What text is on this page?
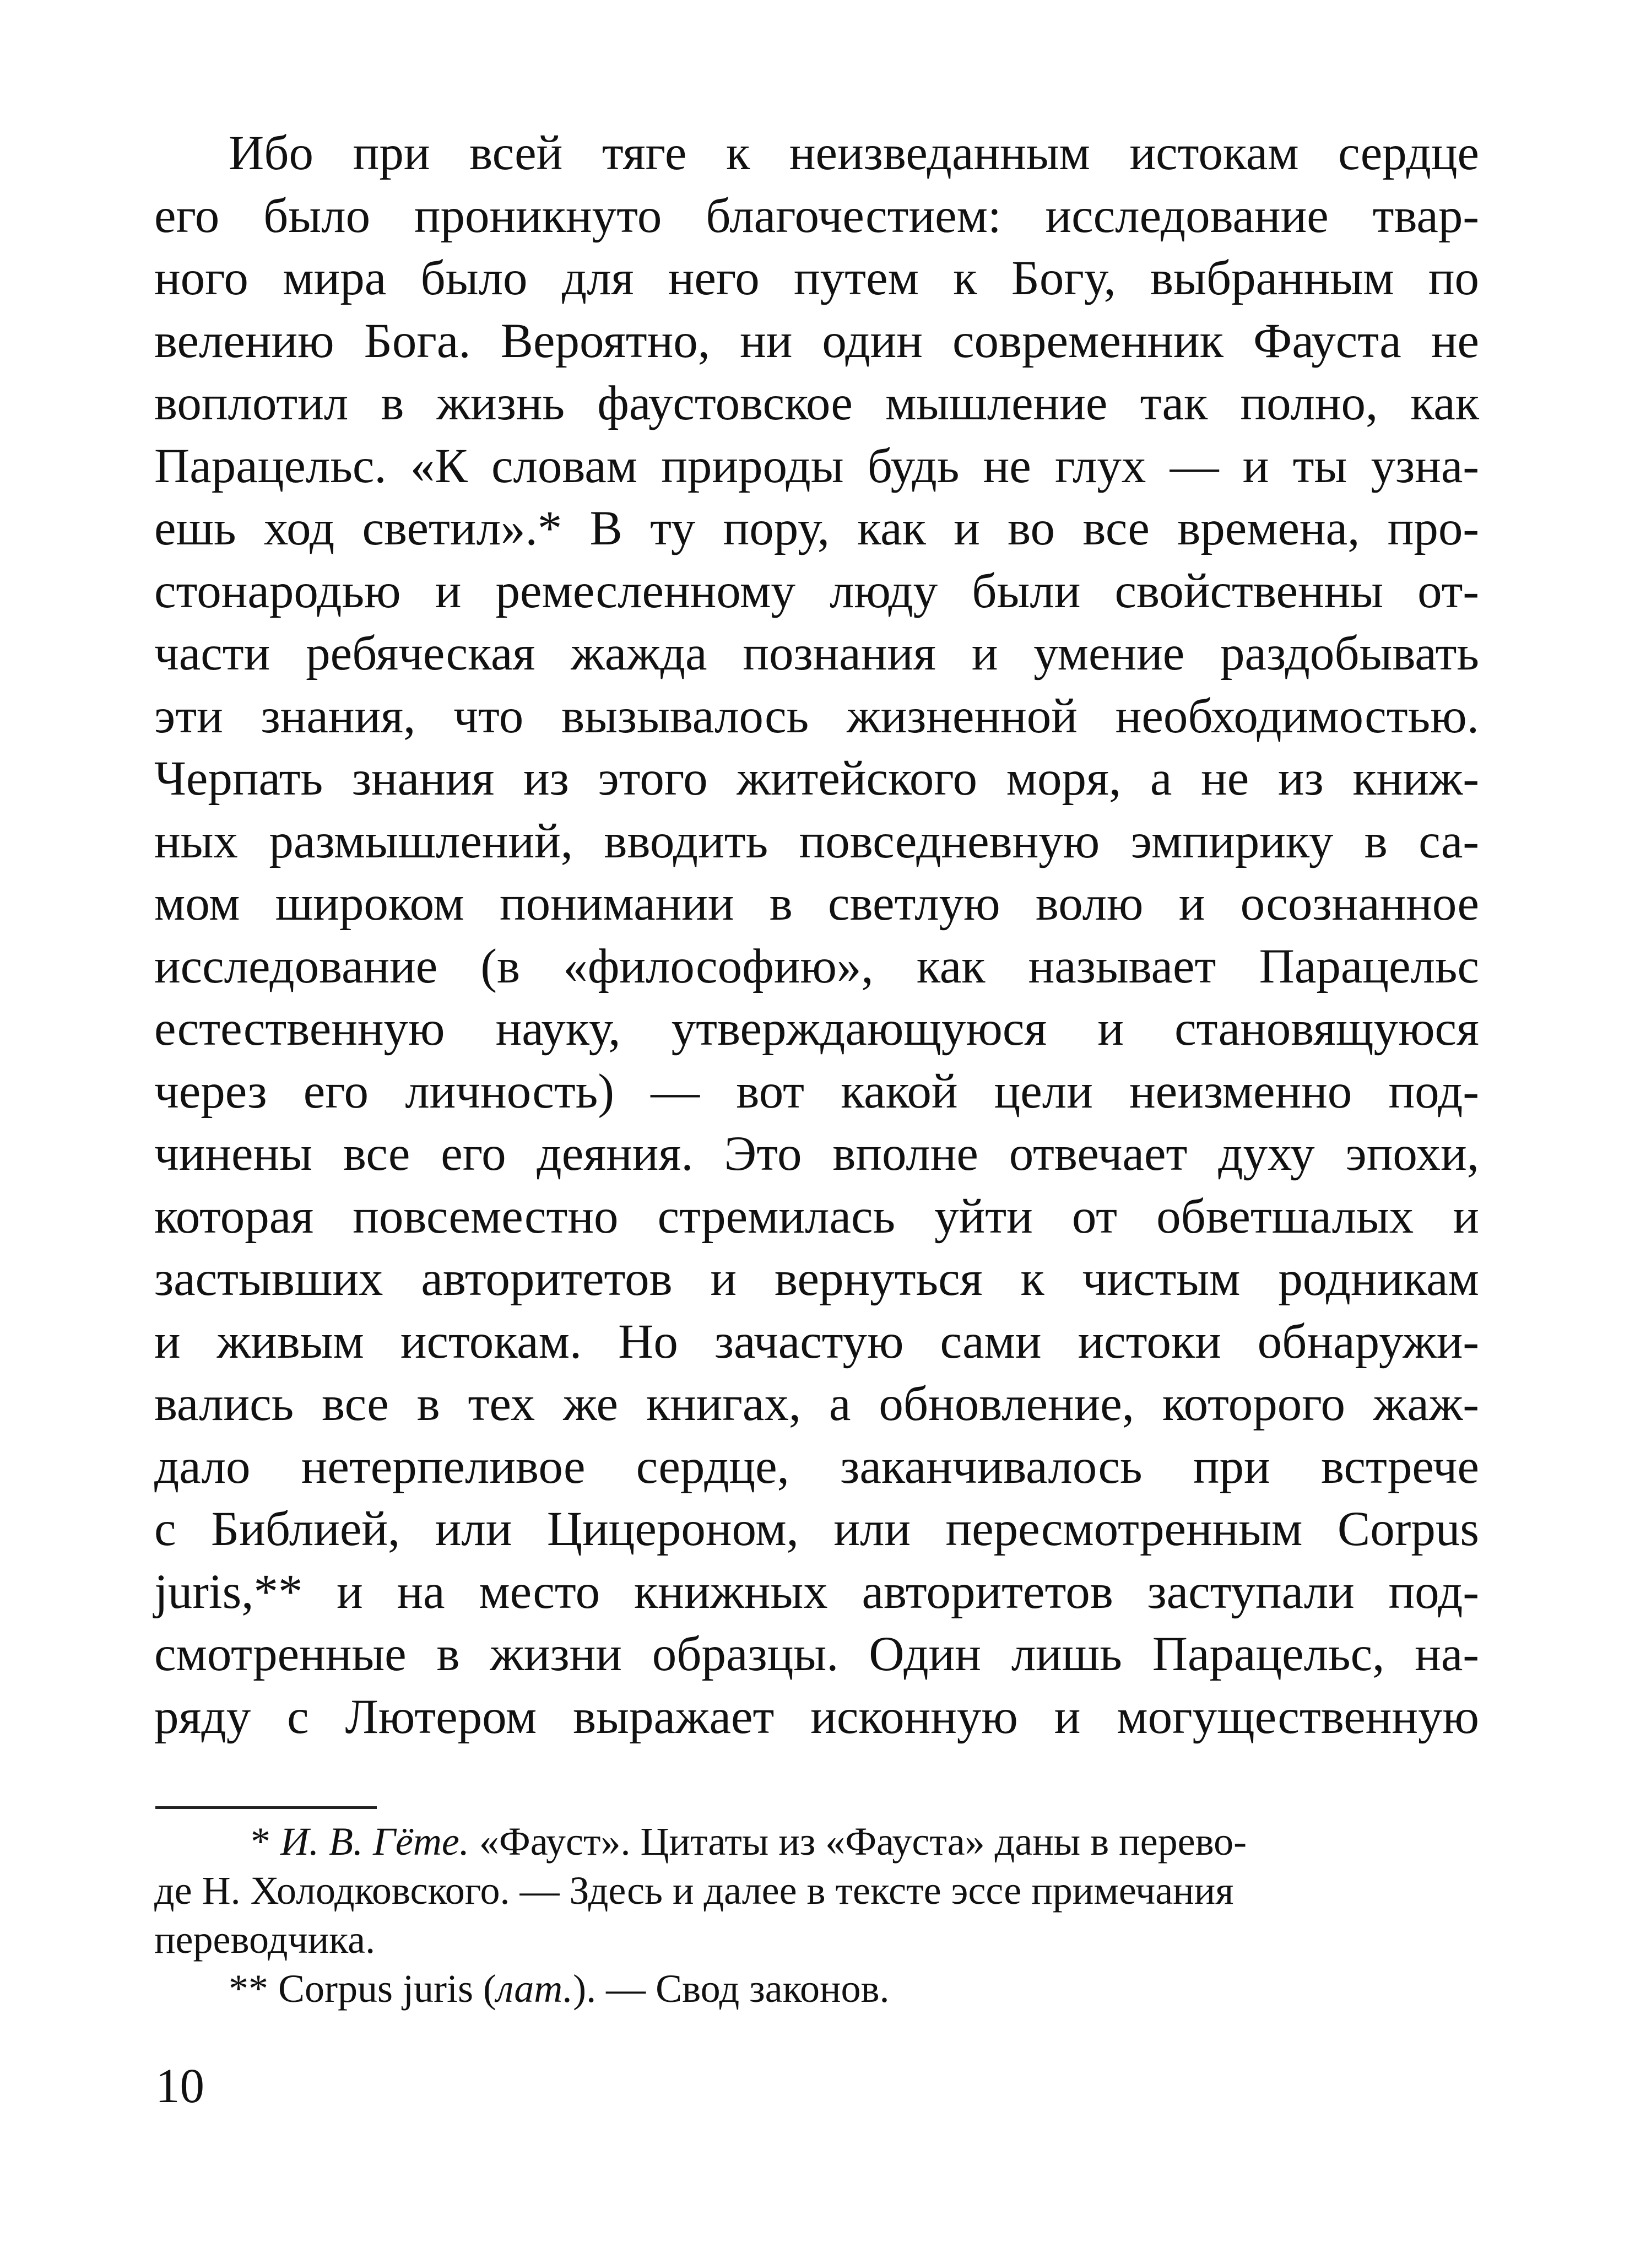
Ибо при всей тяге к неизведанным истокам сердце
его было проникнуто благочестием: исследование твар-
ного мира было для него путем к Богу, выбранным по
велению Бога. Вероятно, ни один современник Фауста не
воплотил в жизнь фаустовское мышление так полно, как
Парацельс. «К словам природы будь не глух — и ты узна-
ешь ход светил».* В ту пору, как и во все времена, про-
стонародью и ремесленному люду были свойственны от-
части ребяческая жажда познания и умение раздобывать
эти знания, что вызывалось жизненной необходимостью.
Черпать знания из этого житейского моря, а не из книж-
ных размышлений, вводить повседневную эмпирику в са-
мом широком понимании в светлую волю и осознанное
исследование (в «философию», как называет Парацельс
естественную науку, утверждающуюся и становящуюся
через его личность) — вот какой цели неизменно под-
чинены все его деяния. Это вполне отвечает духу эпохи,
которая повсеместно стремилась уйти от обветшалых и
застывших авторитетов и вернуться к чистым родникам
и живым истокам. Но зачастую сами истоки обнаружи-
вались все в тех же книгах, а обновление, которого жаж-
дало нетерпеливое сердце, заканчивалось при встрече
с Библией, или Цицероном, или пересмотренным Corpus
juris,** и на место книжных авторитетов заступали под-
смотренные в жизни образцы. Один лишь Парацельс, на-
ряду с Лютером выражает исконную и могущественную
* И. В. Гёте. «Фауст». Цитаты из «Фауста» даны в перево-
де Н. Холодковского. — Здесь и далее в тексте эссе примечания
переводчика.
** Corpus juris (лат.). — Свод законов.
10
